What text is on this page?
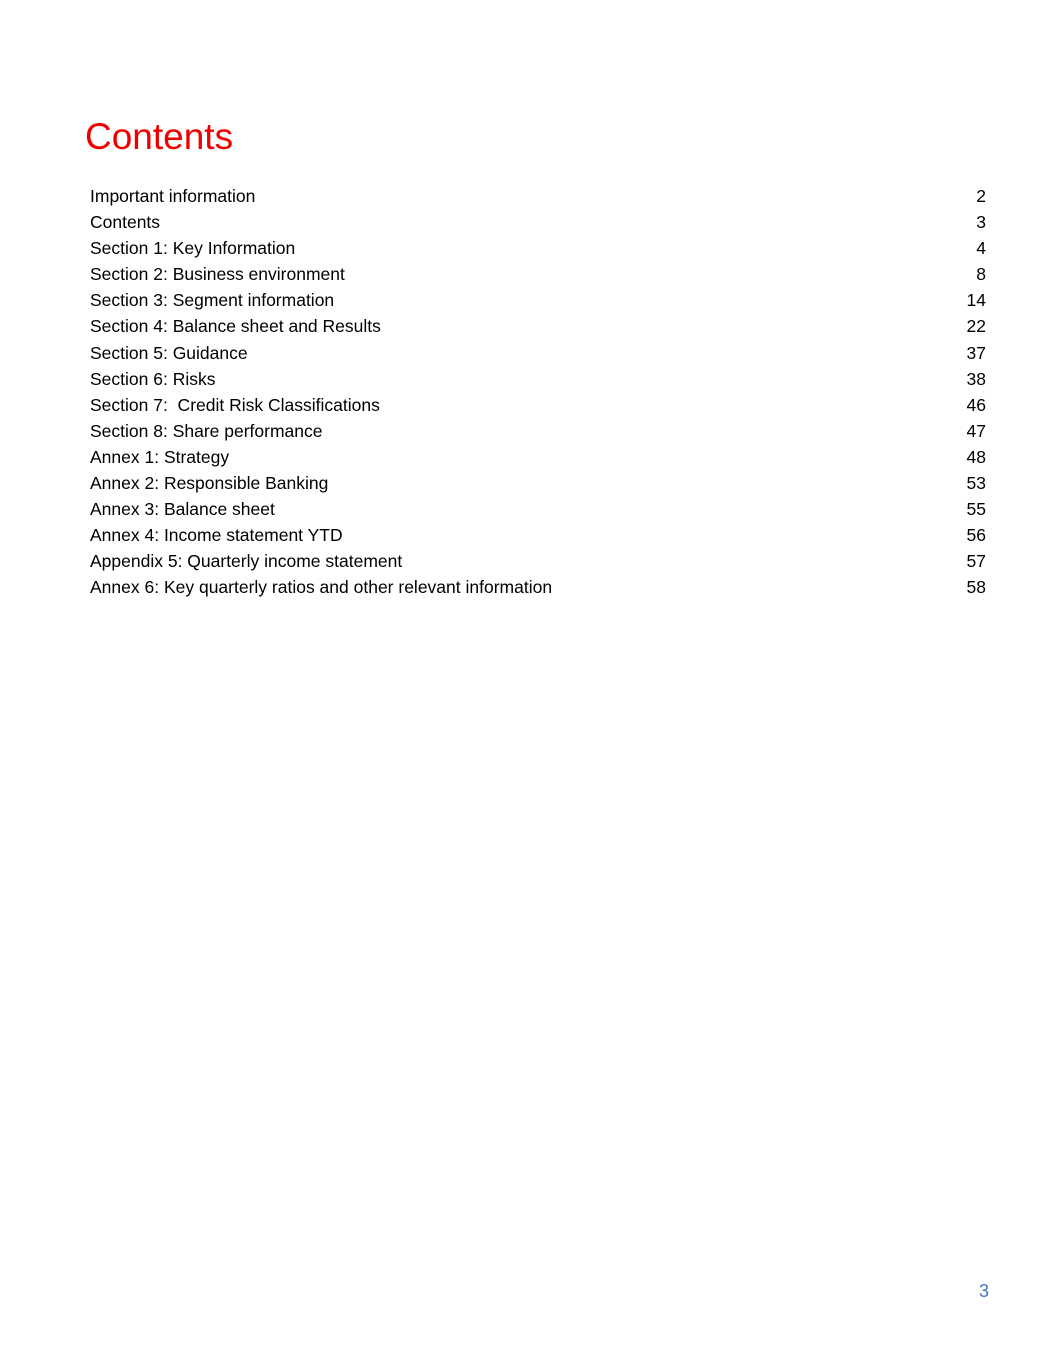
Contents
Important information	2
Contents	3
Section 1: Key Information	4
Section 2: Business environment	8
Section 3: Segment information	14
Section 4: Balance sheet and Results	22
Section 5: Guidance	37
Section 6: Risks	38
Section 7:  Credit Risk Classifications	46
Section 8: Share performance	47
Annex 1: Strategy	48
Annex 2: Responsible Banking	53
Annex 3: Balance sheet	55
Annex 4: Income statement YTD	56
Appendix 5: Quarterly income statement	57
Annex 6: Key quarterly ratios and other relevant information	58
3
